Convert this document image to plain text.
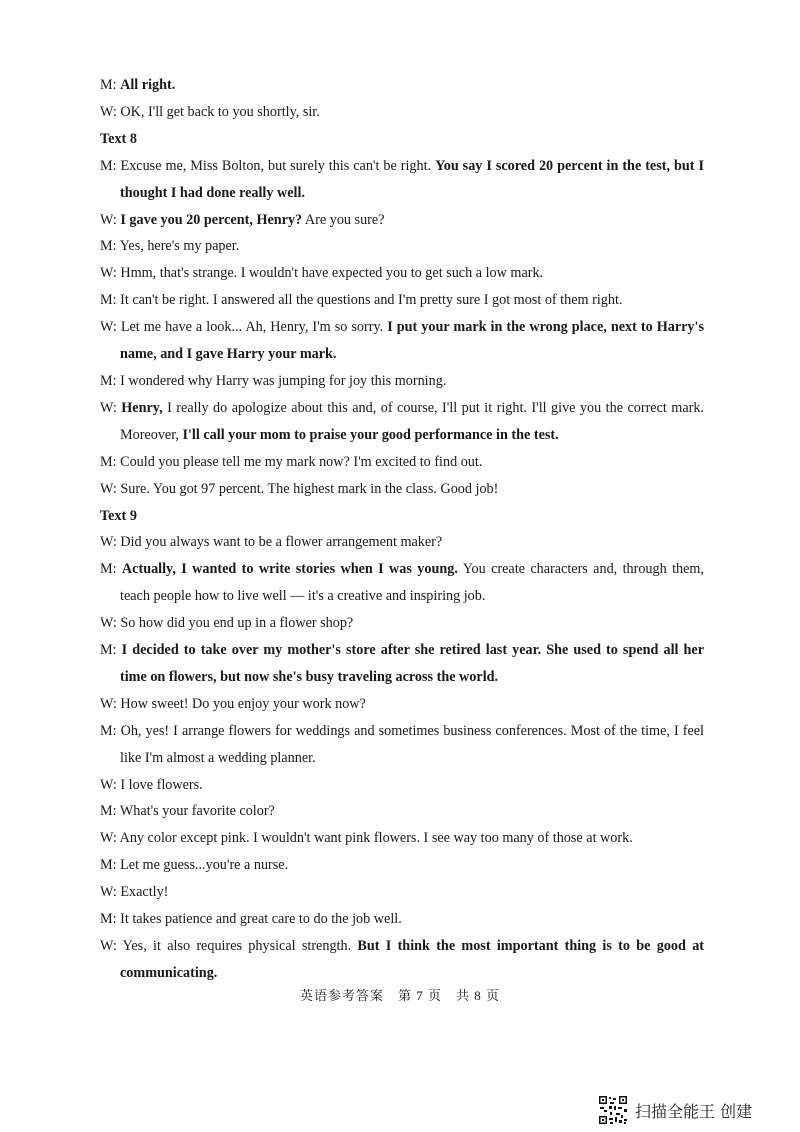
M: All right.

W: OK, I'll get back to you shortly, sir.

Text 8

M: Excuse me, Miss Bolton, but surely this can't be right. You say I scored 20 percent in the test, but I thought I had done really well.

W: I gave you 20 percent, Henry? Are you sure?

M: Yes, here's my paper.

W: Hmm, that's strange. I wouldn't have expected you to get such a low mark.

M: It can't be right. I answered all the questions and I'm pretty sure I got most of them right.

W: Let me have a look... Ah, Henry, I'm so sorry. I put your mark in the wrong place, next to Harry's name, and I gave Harry your mark.

M: I wondered why Harry was jumping for joy this morning.

W: Henry, I really do apologize about this and, of course, I'll put it right. I'll give you the correct mark. Moreover, I'll call your mom to praise your good performance in the test.

M: Could you please tell me my mark now? I'm excited to find out.

W: Sure. You got 97 percent. The highest mark in the class. Good job!

Text 9

W: Did you always want to be a flower arrangement maker?

M: Actually, I wanted to write stories when I was young. You create characters and, through them, teach people how to live well — it's a creative and inspiring job.

W: So how did you end up in a flower shop?

M: I decided to take over my mother's store after she retired last year. She used to spend all her time on flowers, but now she's busy traveling across the world.

W: How sweet! Do you enjoy your work now?

M: Oh, yes! I arrange flowers for weddings and sometimes business conferences. Most of the time, I feel like I'm almost a wedding planner.

W: I love flowers.

M: What's your favorite color?

W: Any color except pink. I wouldn't want pink flowers. I see way too many of those at work.

M: Let me guess...you're a nurse.

W: Exactly!

M: It takes patience and great care to do the job well.

W: Yes, it also requires physical strength. But I think the most important thing is to be good at communicating.

英语参考答案　第 7 页　共 8 页
扫描全能王 创建
